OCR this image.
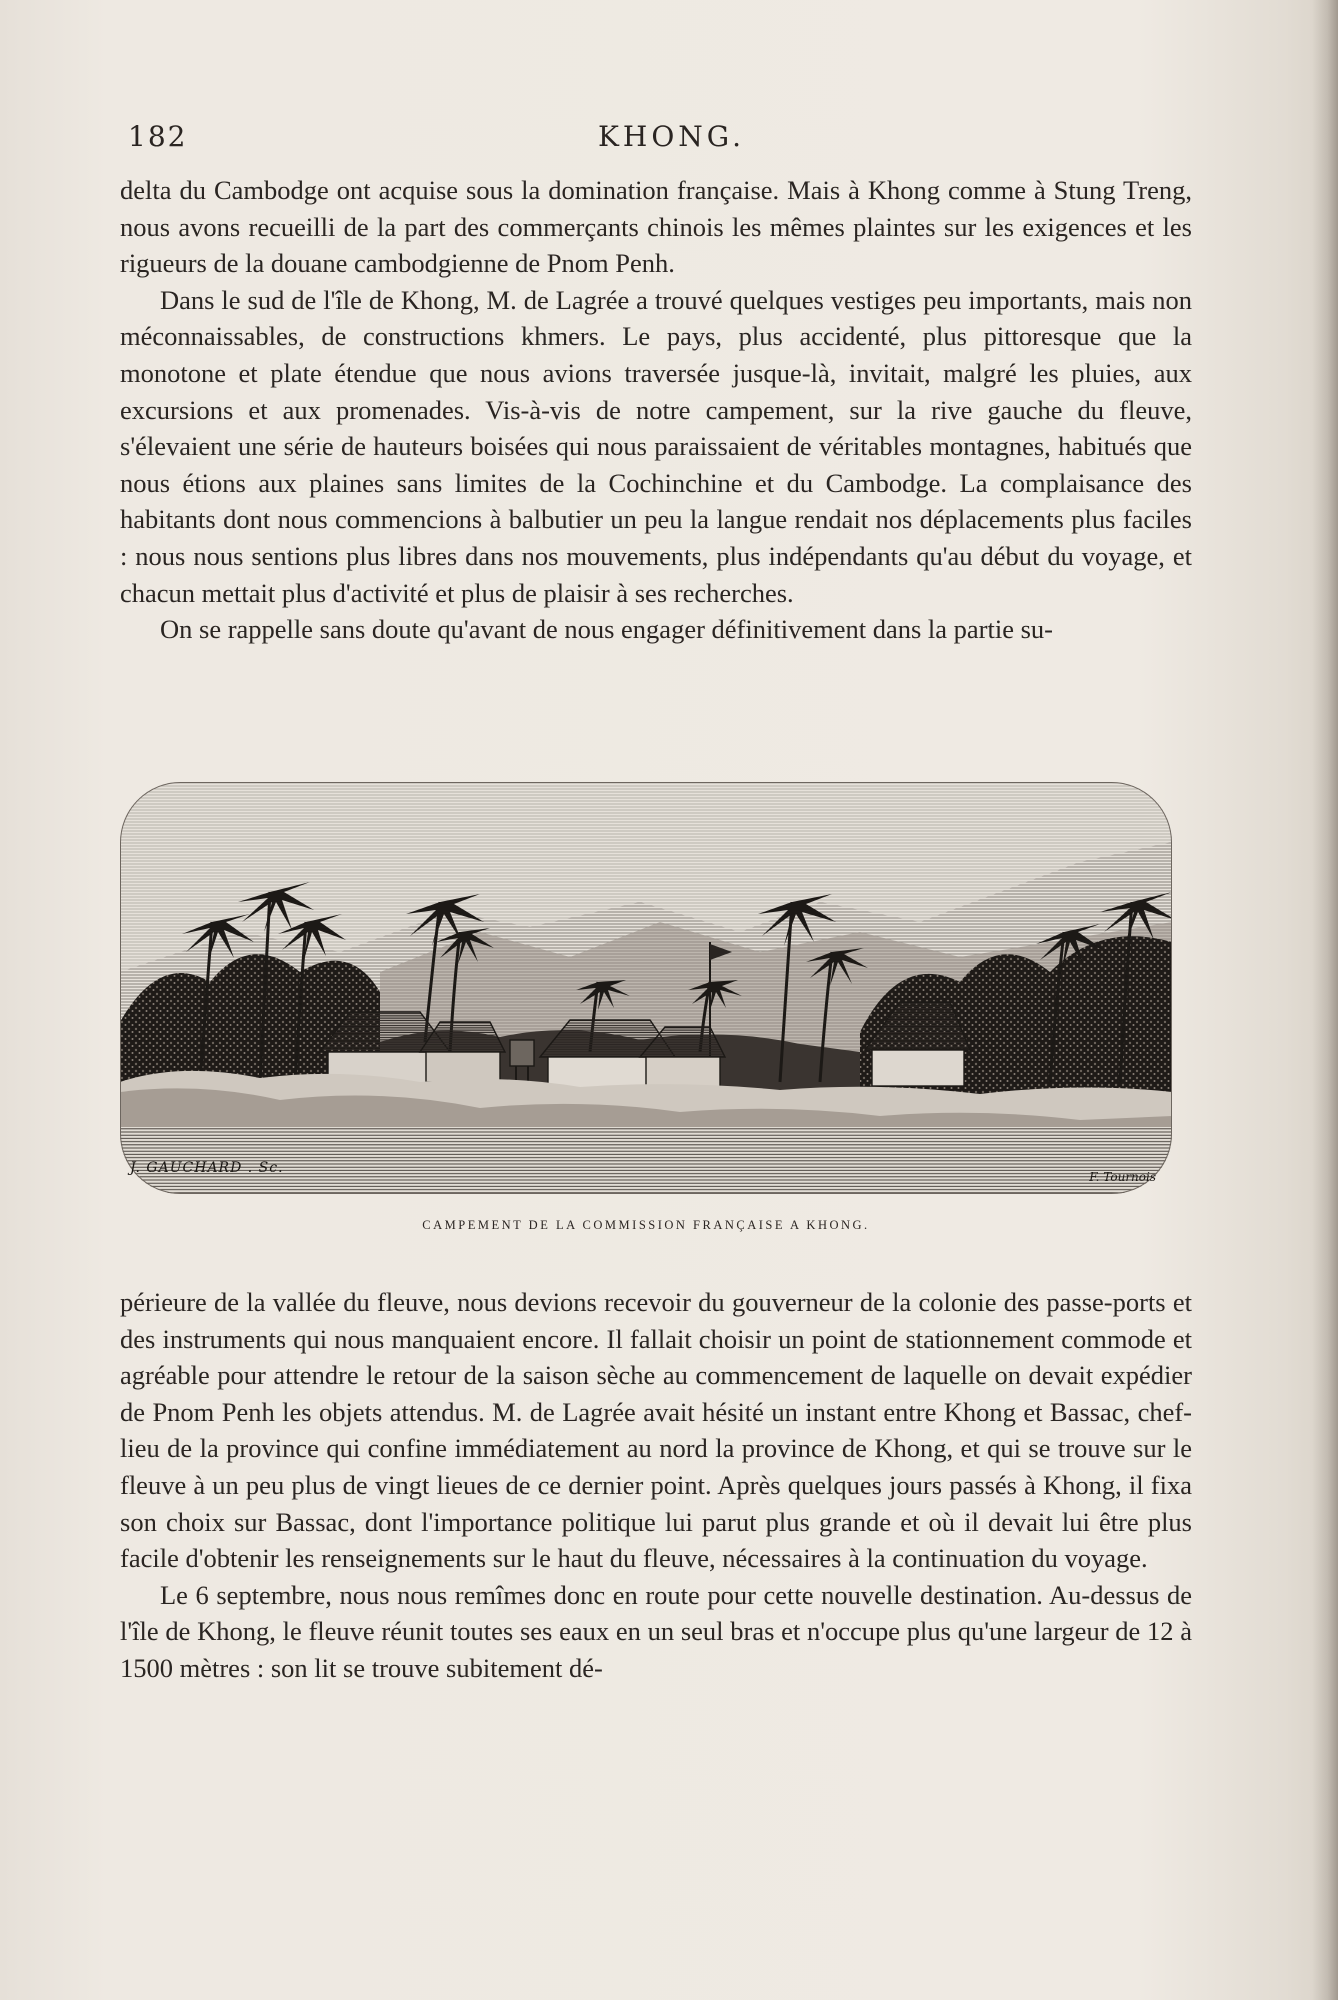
182	KHONG.

delta du Cambodge ont acquise sous la domination française. Mais à Khong comme à Stung Treng, nous avons recueilli de la part des commerçants chinois les mêmes plaintes sur les exigences et les rigueurs de la douane cambodgienne de Pnom Penh.

Dans le sud de l'île de Khong, M. de Lagrée a trouvé quelques vestiges peu importants, mais non méconnaissables, de constructions khmers. Le pays, plus accidenté, plus pittoresque que la monotone et plate étendue que nous avions traversée jusque-là, invitait, malgré les pluies, aux excursions et aux promenades. Vis-à-vis de notre campement, sur la rive gauche du fleuve, s'élevaient une série de hauteurs boisées qui nous paraissaient de véritables montagnes, habitués que nous étions aux plaines sans limites de la Cochinchine et du Cambodge. La complaisance des habitants dont nous commencions à balbutier un peu la langue rendait nos déplacements plus faciles : nous nous sentions plus libres dans nos mouvements, plus indépendants qu'au début du voyage, et chacun mettait plus d'activité et plus de plaisir à ses recherches.

On se rappelle sans doute qu'avant de nous engager définitivement dans la partie su-

J. GAUCHARD . Sc.
F. Tournois
CAMPEMENT DE LA COMMISSION FRANÇAISE A KHONG.

périeure de la vallée du fleuve, nous devions recevoir du gouverneur de la colonie des passe-ports et des instruments qui nous manquaient encore. Il fallait choisir un point de stationnement commode et agréable pour attendre le retour de la saison sèche au commencement de laquelle on devait expédier de Pnom Penh les objets attendus. M. de Lagrée avait hésité un instant entre Khong et Bassac, chef-lieu de la province qui confine immédiatement au nord la province de Khong, et qui se trouve sur le fleuve à un peu plus de vingt lieues de ce dernier point. Après quelques jours passés à Khong, il fixa son choix sur Bassac, dont l'importance politique lui parut plus grande et où il devait lui être plus facile d'obtenir les renseignements sur le haut du fleuve, nécessaires à la continuation du voyage.

Le 6 septembre, nous nous remîmes donc en route pour cette nouvelle destination. Au-dessus de l'île de Khong, le fleuve réunit toutes ses eaux en un seul bras et n'occupe plus qu'une largeur de 12 à 1500 mètres : son lit se trouve subitement dé-
